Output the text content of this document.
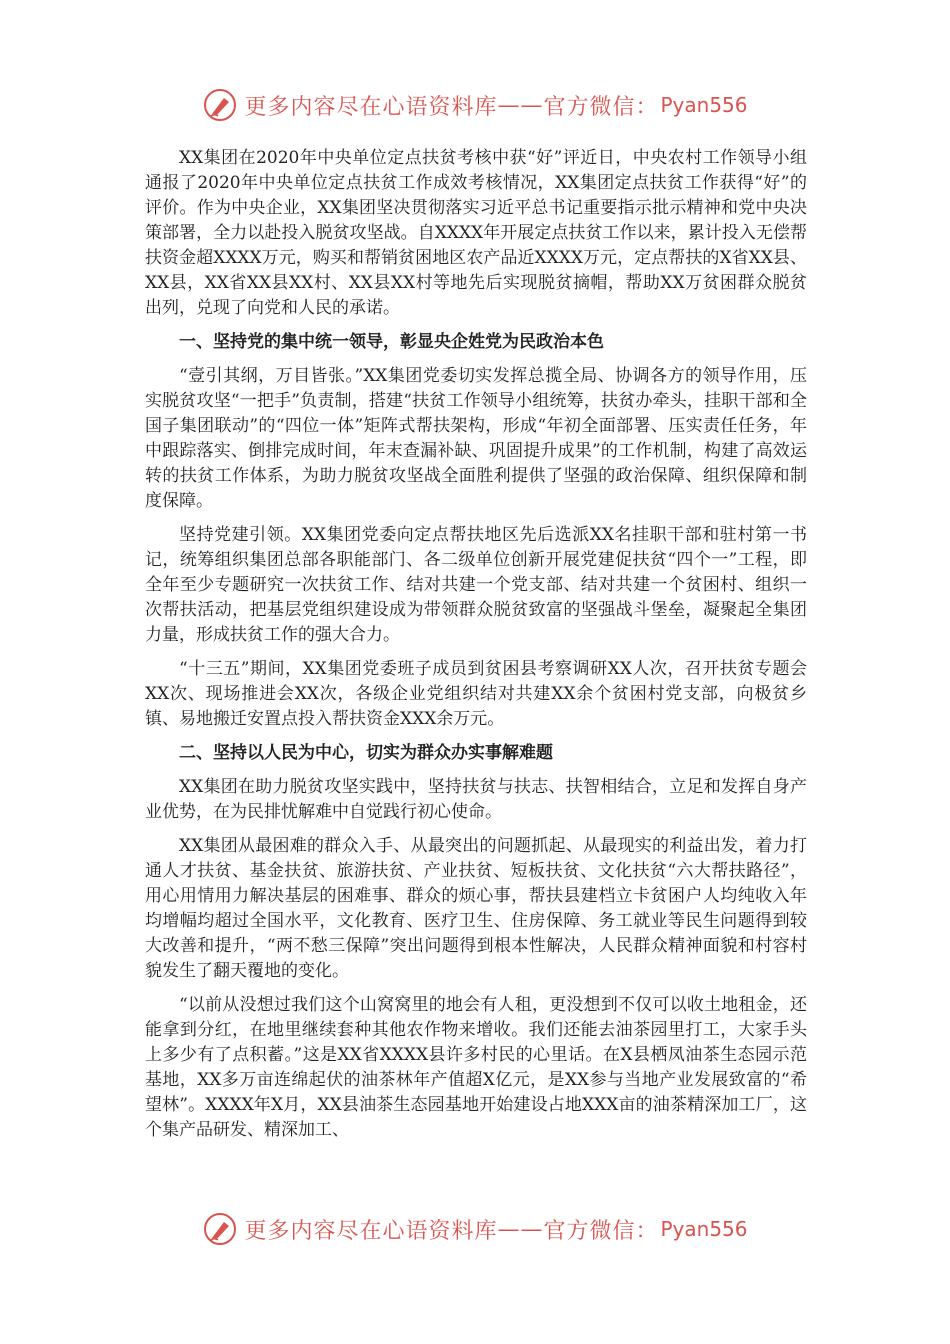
更多内容尽在心语资料库 —— 官方微信： Pyan556

XX集团在2020年中央单位定点扶贫考核中获“好”评近日，中央农村工作领导小组通报了2020年中央单位定点扶贫工作成效考核情况，XX集团定点扶贫工作获得“好”的评价。作为中央企业，XX集团坚决贯彻落实习近平总书记重要指示批示精神和党中央决策部署，全力以赴投入脱贫攻坚战。自XXXX年开展定点扶贫工作以来，累计投入无偿帮扶资金超XXXX万元，购买和帮销贫困地区农产品近XXXX万元，定点帮扶的X省XX县、XX县，XX省XX县XX村、XX县XX村等地先后实现脱贫摘帽，帮助XX万贫困群众脱贫出列，兑现了向党和人民的承诺。

一、坚持党的集中统一领导，彰显央企姓党为民政治本色

“壹引其纲，万目皆张。”XX集团党委切实发挥总揽全局、协调各方的领导作用，压实脱贫攻坚“一把手”负责制，搭建“扶贫工作领导小组统筹，扶贫办牵头，挂职干部和全国子集团联动”的“四位一体”矩阵式帮扶架构，形成“年初全面部署、压实责任任务，年中跟踪落实、倒排完成时间，年末查漏补缺、巩固提升成果”的工作机制，构建了高效运转的扶贫工作体系，为助力脱贫攻坚战全面胜利提供了坚强的政治保障、组织保障和制度保障。

坚持党建引领。XX集团党委向定点帮扶地区先后选派XX名挂职干部和驻村第一书记，统筹组织集团总部各职能部门、各二级单位创新开展党建促扶贫“四个一”工程，即全年至少专题研究一次扶贫工作、结对共建一个党支部、结对共建一个贫困村、组织一次帮扶活动，把基层党组织建设成为带领群众脱贫致富的坚强战斗堡垒，凝聚起全集团力量，形成扶贫工作的强大合力。

“十三五”期间，XX集团党委班子成员到贫困县考察调研XX人次，召开扶贫专题会XX次、现场推进会XX次，各级企业党组织结对共建XX余个贫困村党支部，向极贫乡镇、易地搬迁安置点投入帮扶资金XXX余万元。

二、坚持以人民为中心，切实为群众办实事解难题

XX集团在助力脱贫攻坚实践中，坚持扶贫与扶志、扶智相结合，立足和发挥自身产业优势，在为民排忧解难中自觉践行初心使命。

XX集团从最困难的群众入手、从最突出的问题抓起、从最现实的利益出发，着力打通人才扶贫、基金扶贫、旅游扶贫、产业扶贫、短板扶贫、文化扶贫“六大帮扶路径”，用心用情用力解决基层的困难事、群众的烦心事，帮扶县建档立卡贫困户人均纯收入年均增幅均超过全国水平，文化教育、医疗卫生、住房保障、务工就业等民生问题得到较大改善和提升，“两不愁三保障”突出问题得到根本性解决，人民群众精神面貌和村容村貌发生了翻天覆地的变化。

“以前从没想过我们这个山窝窝里的地会有人租，更没想到不仅可以收土地租金，还能拿到分红，在地里继续套种其他农作物来增收。我们还能去油茶园里打工，大家手头上多少有了点积蓄。”这是XX省XXXX县许多村民的心里话。在X县栖凤油茶生态园示范基地，XX多万亩连绵起伏的油茶林年产值超X亿元，是XX参与当地产业发展致富的“希望林”。XXXX年X月，XX县油茶生态园基地开始建设占地XXX亩的油茶精深加工厂，这个集产品研发、精深加工、

更多内容尽在心语资料库 —— 官方微信： Pyan556
